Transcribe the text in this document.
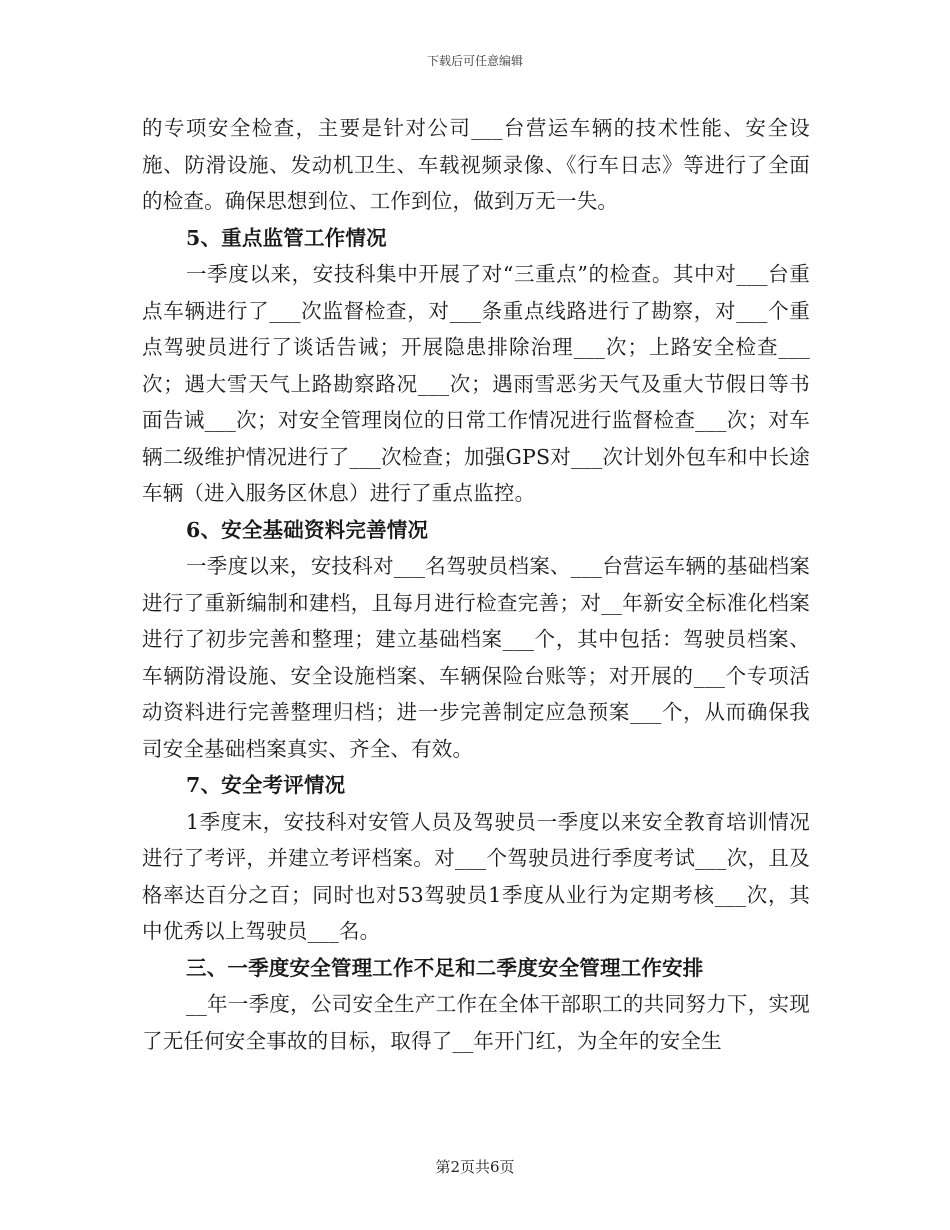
下载后可任意编辑

的专项安全检查，主要是针对公司___台营运车辆的技术性能、安全设施、防滑设施、发动机卫生、车载视频录像、《行车日志》等进行了全面的检查。确保思想到位、工作到位，做到万无一失。

5、重点监管工作情况

一季度以来，安技科集中开展了对“三重点”的检查。其中对___台重点车辆进行了___次监督检查，对___条重点线路进行了勘察，对___个重点驾驶员进行了谈话告诫；开展隐患排除治理___次；上路安全检查___次；遇大雪天气上路勘察路况___次；遇雨雪恶劣天气及重大节假日等书面告诫___次；对安全管理岗位的日常工作情况进行监督检查___次；对车辆二级维护情况进行了___次检查；加强GPS对___次计划外包车和中长途车辆（进入服务区休息）进行了重点监控。

6、安全基础资料完善情况

一季度以来，安技科对___名驾驶员档案、___台营运车辆的基础档案进行了重新编制和建档，且每月进行检查完善；对__年新安全标准化档案进行了初步完善和整理；建立基础档案___个，其中包括：驾驶员档案、车辆防滑设施、安全设施档案、车辆保险台账等；对开展的___个专项活动资料进行完善整理归档；进一步完善制定应急预案___个，从而确保我司安全基础档案真实、齐全、有效。

7、安全考评情况

1季度末，安技科对安管人员及驾驶员一季度以来安全教育培训情况进行了考评，并建立考评档案。对___个驾驶员进行季度考试___次，且及格率达百分之百；同时也对53驾驶员1季度从业行为定期考核___次，其中优秀以上驾驶员___名。

三、一季度安全管理工作不足和二季度安全管理工作安排

__年一季度，公司安全生产工作在全体干部职工的共同努力下，实现了无任何安全事故的目标，取得了__年开门红，为全年的安全生

第2页共6页
